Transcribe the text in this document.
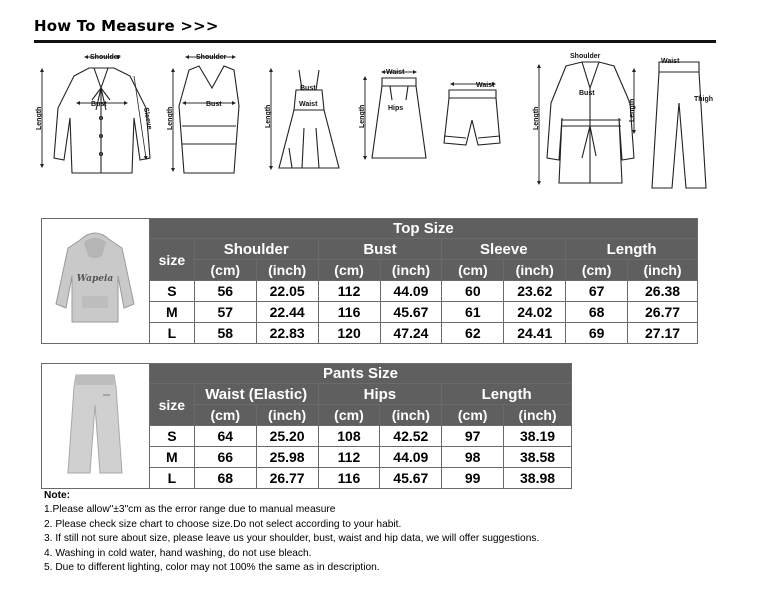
How To Measure >>>
Shoulder
Length
Bust
Sleeve
Shoulder
Length
Bust
Bust
Waist
Length
Waist
Hips
Length
Waist
Shoulder
Length
Bust
Waist
Length	Thigh
Wapeia	Top Size								
	size	Shoulder		Bust		Sleeve		Length	
		(cm)	(inch)	(cm)	(inch)	(cm)	(inch)	(cm)	(inch)
	S	56	22.05	112	44.09	60	23.62	67	26.38
	M	57	22.44	116	45.67	61	24.02	68	26.77
	L	58	22.83	120	47.24	62	24.41	69	27.17
	Pants Size						
	size	Waist (Elastic)		Hips		Length	
		(cm)	(inch)	(cm)	(inch)	(cm)	(inch)
	S	64	25.20	108	42.52	97	38.19
	M	66	25.98	112	44.09	98	38.58
	L	68	26.77	116	45.67	99	38.98
Note:
1.Please allow"±3"cm as the error range due to manual measure
2. Please check size chart to choose size.Do not select according to your habit.
3. If still not sure about size, please leave us your shoulder, bust, waist and hip data, we will offer suggestions.
4. Washing in cold water, hand washing, do not use bleach.
5. Due to different lighting, color may not 100% the same as in description.
